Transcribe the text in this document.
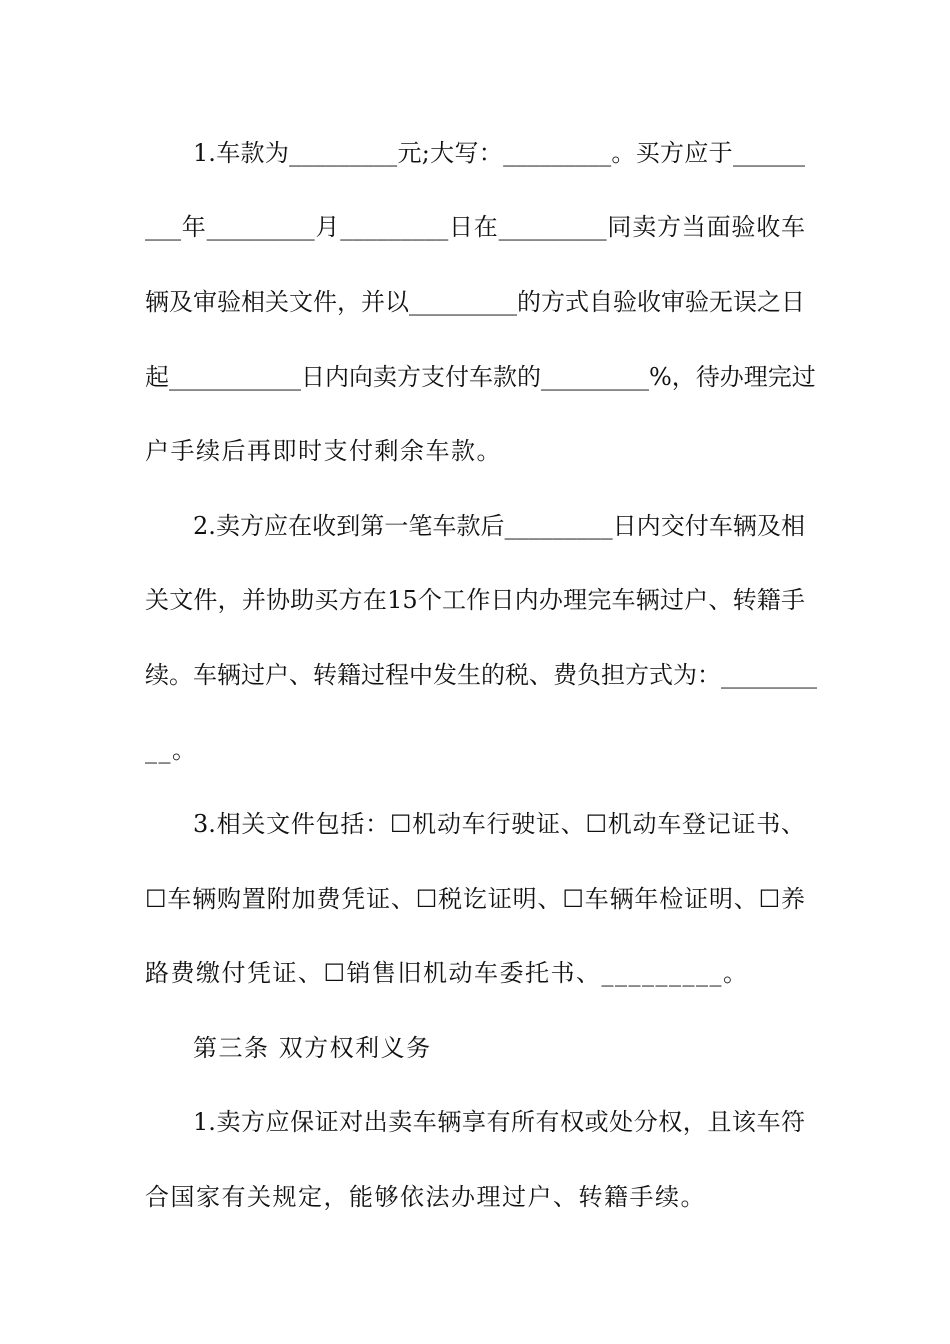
1.车款为_________元;大写：_________。买方应于______
___年_________月_________日在_________同卖方当面验收车
辆及审验相关文件，并以_________的方式自验收审验无误之日
起___________日内向卖方支付车款的_________%，待办理完过
户手续后再即时支付剩余车款。
2.卖方应在收到第一笔车款后_________日内交付车辆及相
关文件，并协助买方在15个工作日内办理完车辆过户、转籍手
续。车辆过户、转籍过程中发生的税、费负担方式为：________
__。
3.相关文件包括：☐机动车行驶证、☐机动车登记证书、
☐车辆购置附加费凭证、☐税讫证明、☐车辆年检证明、☐养
路费缴付凭证、☐销售旧机动车委托书、_________。
第三条 双方权利义务
1.卖方应保证对出卖车辆享有所有权或处分权，且该车符
合国家有关规定，能够依法办理过户、转籍手续。
